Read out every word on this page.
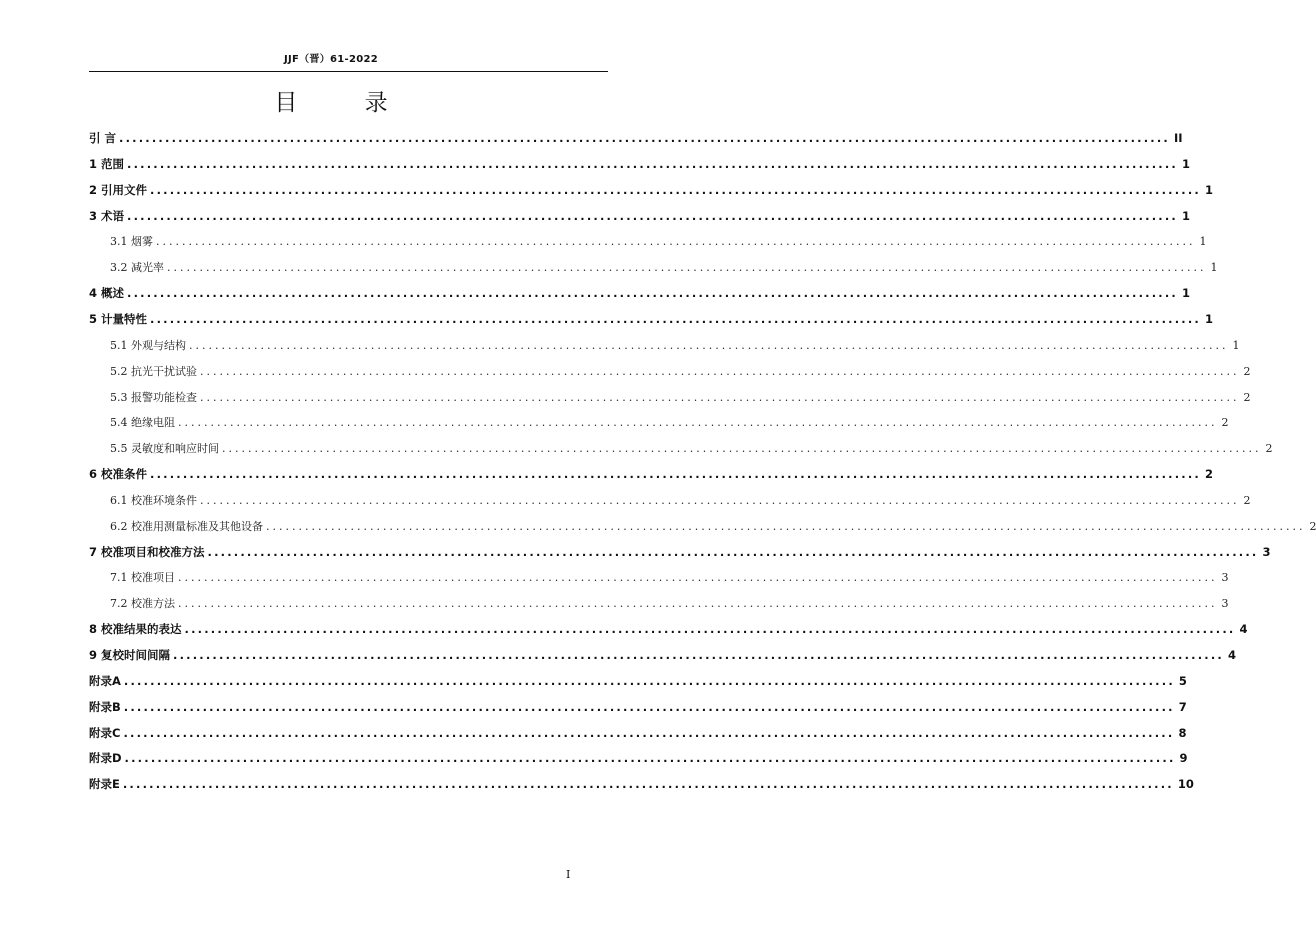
JJF（晋）61-2022
目 录
引 言 ................................................................................................................................................................ II
1 范围 ................................................................................................................................................................ 1
2 引用文件 ................................................................................................................................................................ 1
3 术语 ................................................................................................................................................................ 1
3.1 烟雾 ................................................................................................................................................................ 1
3.2 减光率 ................................................................................................................................................................ 1
4 概述 ................................................................................................................................................................ 1
5 计量特性 ................................................................................................................................................................ 1
5.1 外观与结构 ................................................................................................................................................................ 1
5.2 抗光干扰试验 ................................................................................................................................................................ 2
5.3 报警功能检查 ................................................................................................................................................................ 2
5.4 绝缘电阻 ................................................................................................................................................................ 2
5.5 灵敏度和响应时间 ................................................................................................................................................................ 2
6 校准条件 ................................................................................................................................................................ 2
6.1 校准环境条件 ................................................................................................................................................................ 2
6.2 校准用测量标准及其他设备 ................................................................................................................................................................ 2
7 校准项目和校准方法 ................................................................................................................................................................ 3
7.1 校准项目 ................................................................................................................................................................ 3
7.2 校准方法 ................................................................................................................................................................ 3
8 校准结果的表达 ................................................................................................................................................................ 4
9 复校时间间隔 ................................................................................................................................................................ 4
附录A ................................................................................................................................................................ 5
附录B ................................................................................................................................................................ 7
附录C ................................................................................................................................................................ 8
附录D ................................................................................................................................................................ 9
附录E ................................................................................................................................................................ 10
I
